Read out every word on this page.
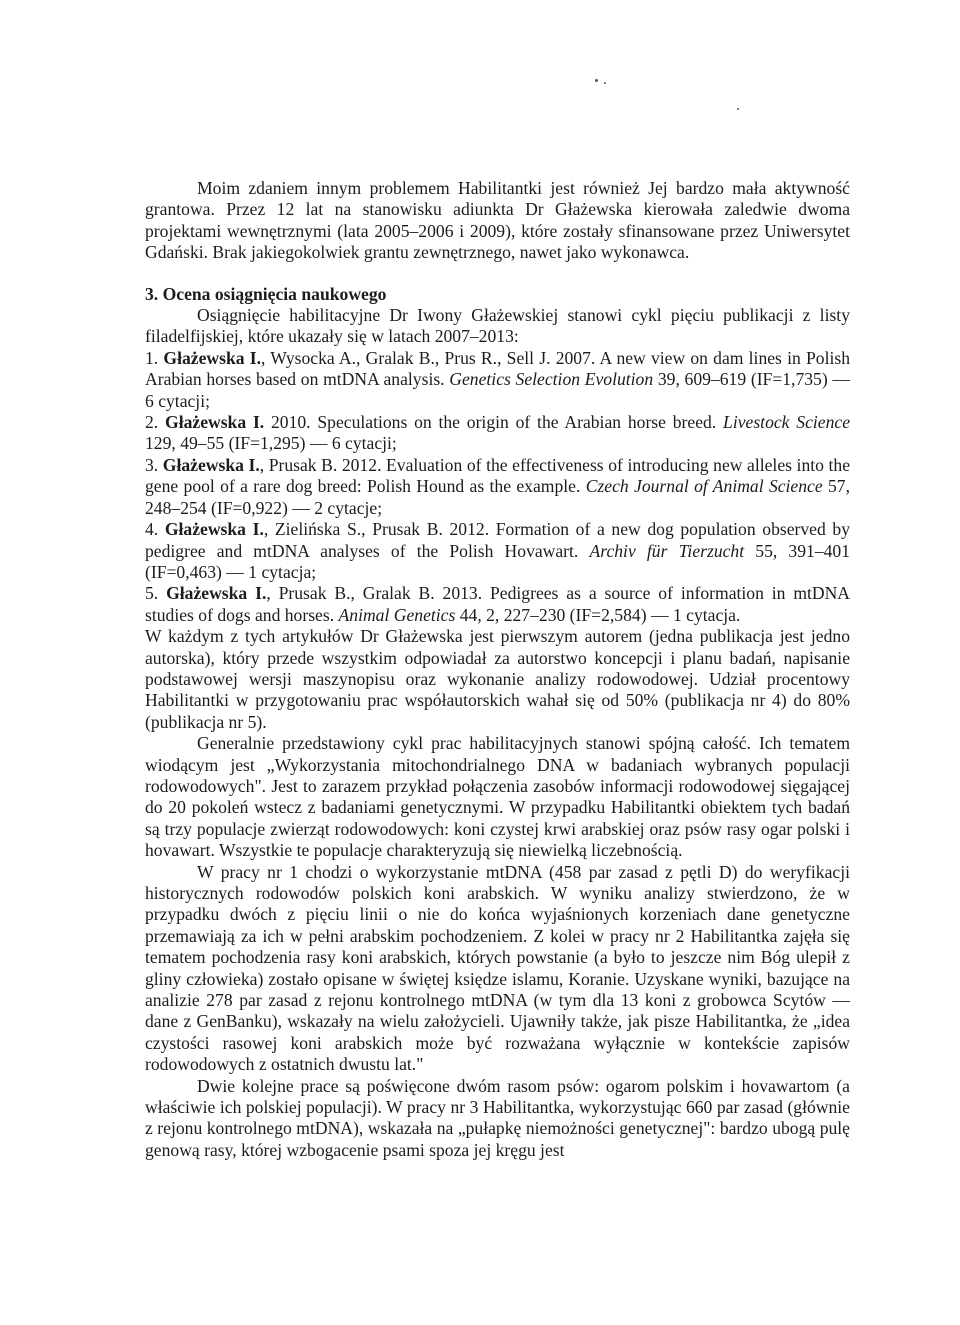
Moim zdaniem innym problemem Habilitantki jest również Jej bardzo mała aktywność grantowa. Przez 12 lat na stanowisku adiunkta Dr Głażewska kierowała zaledwie dwoma projektami wewnętrznymi (lata 2005–2006 i 2009), które zostały sfinansowane przez Uniwersytet Gdański. Brak jakiegokolwiek grantu zewnętrznego, nawet jako wykonawca.

3. Ocena osiągnięcia naukowego

Osiągnięcie habilitacyjne Dr Iwony Głażewskiej stanowi cykl pięciu publikacji z listy filadelfijskiej, które ukazały się w latach 2007–2013:

1. Głażewska I., Wysocka A., Gralak B., Prus R., Sell J. 2007. A new view on dam lines in Polish Arabian horses based on mtDNA analysis. Genetics Selection Evolution 39, 609–619 (IF=1,735) — 6 cytacji;

2. Głażewska I. 2010. Speculations on the origin of the Arabian horse breed. Livestock Science 129, 49–55 (IF=1,295) — 6 cytacji;

3. Głażewska I., Prusak B. 2012. Evaluation of the effectiveness of introducing new alleles into the gene pool of a rare dog breed: Polish Hound as the example. Czech Journal of Animal Science 57, 248–254 (IF=0,922) — 2 cytacje;

4. Głażewska I., Zielińska S., Prusak B. 2012. Formation of a new dog population observed by pedigree and mtDNA analyses of the Polish Hovawart. Archiv für Tierzucht 55, 391–401 (IF=0,463) — 1 cytacja;

5. Głażewska I., Prusak B., Gralak B. 2013. Pedigrees as a source of information in mtDNA studies of dogs and horses. Animal Genetics 44, 2, 227–230 (IF=2,584) — 1 cytacja.

W każdym z tych artykułów Dr Głażewska jest pierwszym autorem (jedna publikacja jest jedno autorska), który przede wszystkim odpowiadał za autorstwo koncepcji i planu badań, napisanie podstawowej wersji maszynopisu oraz wykonanie analizy rodowodowej. Udział procentowy Habilitantki w przygotowaniu prac współautorskich wahał się od 50% (publikacja nr 4) do 80% (publikacja nr 5).

Generalnie przedstawiony cykl prac habilitacyjnych stanowi spójną całość. Ich tematem wiodącym jest „Wykorzystania mitochondrialnego DNA w badaniach wybranych populacji rodowodowych". Jest to zarazem przykład połączenia zasobów informacji rodowodowej sięgającej do 20 pokoleń wstecz z badaniami genetycznymi. W przypadku Habilitantki obiektem tych badań są trzy populacje zwierząt rodowodowych: koni czystej krwi arabskiej oraz psów rasy ogar polski i hovawart. Wszystkie te populacje charakteryzują się niewielką liczebnością.

W pracy nr 1 chodzi o wykorzystanie mtDNA (458 par zasad z pętli D) do weryfikacji historycznych rodowodów polskich koni arabskich. W wyniku analizy stwierdzono, że w przypadku dwóch z pięciu linii o nie do końca wyjaśnionych korzeniach dane genetyczne przemawiają za ich w pełni arabskim pochodzeniem. Z kolei w pracy nr 2 Habilitantka zajęła się tematem pochodzenia rasy koni arabskich, których powstanie (a było to jeszcze nim Bóg ulepił z gliny człowieka) zostało opisane w świętej księdze islamu, Koranie. Uzyskane wyniki, bazujące na analizie 278 par zasad z rejonu kontrolnego mtDNA (w tym dla 13 koni z grobowca Scytów — dane z GenBanku), wskazały na wielu założycieli. Ujawniły także, jak pisze Habilitantka, że „idea czystości rasowej koni arabskich może być rozważana wyłącznie w kontekście zapisów rodowodowych z ostatnich dwustu lat."

Dwie kolejne prace są poświęcone dwóm rasom psów: ogarom polskim i hovawartom (a właściwie ich polskiej populacji). W pracy nr 3 Habilitantka, wykorzystując 660 par zasad (głównie z rejonu kontrolnego mtDNA), wskazała na „pułapkę niemożności genetycznej": bardzo ubogą pulę genową rasy, której wzbogacenie psami spoza jej kręgu jest
